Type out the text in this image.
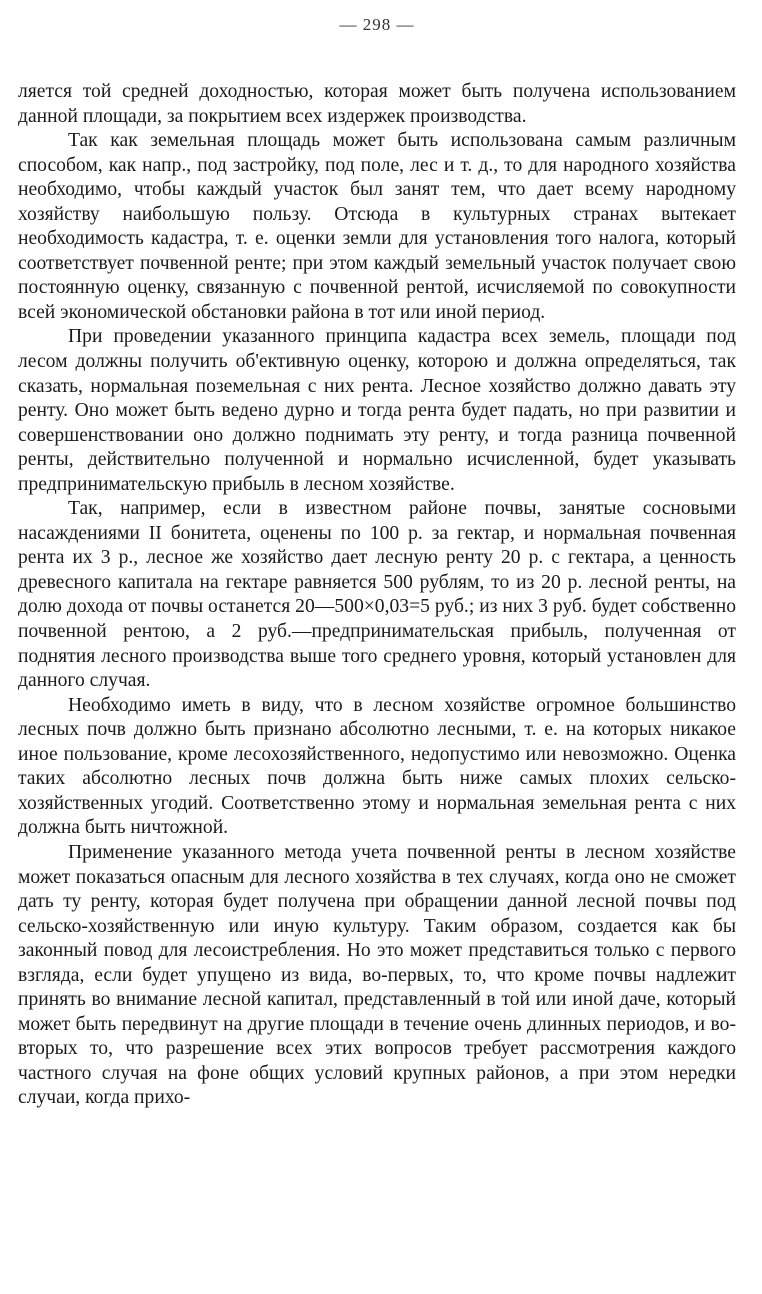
— 298 —

ляется той средней доходностью, которая может быть получена использованием данной площади, за покрытием всех издержек производства.

Так как земельная площадь может быть использована самым различным способом, как напр., под застройку, под поле, лес и т. д., то для народного хозяйства необходимо, чтобы каждый участок был занят тем, что дает всему народному хозяйству наибольшую пользу. Отсюда в культурных странах вытекает необходимость кадастра, т. е. оценки земли для установления того налога, который соответствует почвенной ренте; при этом каждый земельный участок получает свою постоянную оценку, связанную с почвенной рентой, исчисляемой по совокупности всей экономической обстановки района в тот или иной период.

При проведении указанного принципа кадастра всех земель, площади под лесом должны получить об'ективную оценку, которою и должна определяться, так сказать, нормальная поземельная с них рента. Лесное хозяйство должно давать эту ренту. Оно может быть ведено дурно и тогда рента будет падать, но при развитии и совершенствовании оно должно поднимать эту ренту, и тогда разница почвенной ренты, действительно полученной и нормально исчисленной, будет указывать предпринимательскую прибыль в лесном хозяйстве.

Так, например, если в известном районе почвы, занятые сосновыми насаждениями II бонитета, оценены по 100 р. за гектар, и нормальная почвенная рента их 3 р., лесное же хозяйство дает лесную ренту 20 р. с гектара, а ценность древесного капитала на гектаре равняется 500 рублям, то из 20 р. лесной ренты, на долю дохода от почвы останется 20—500×0,03=5 руб.; из них 3 руб. будет собственно почвенной рентою, а 2 руб.—предпринимательская прибыль, полученная от поднятия лесного производства выше того среднего уровня, который установлен для данного случая.

Необходимо иметь в виду, что в лесном хозяйстве огромное большинство лесных почв должно быть признано абсолютно лесными, т. е. на которых никакое иное пользование, кроме лесохозяйственного, недопустимо или невозможно. Оценка таких абсолютно лесных почв должна быть ниже самых плохих сельско-хозяйственных угодий. Соответственно этому и нормальная земельная рента с них должна быть ничтожной.

Применение указанного метода учета почвенной ренты в лесном хозяйстве может показаться опасным для лесного хозяйства в тех случаях, когда оно не сможет дать ту ренту, которая будет получена при обращении данной лесной почвы под сельско-хозяйственную или иную культуру. Таким образом, создается как бы законный повод для лесоистребления. Но это может представиться только с первого взгляда, если будет упущено из вида, во-первых, то, что кроме почвы надлежит принять во внимание лесной капитал, представленный в той или иной даче, который может быть передвинут на другие площади в течение очень длинных периодов, и во-вторых то, что разрешение всех этих вопросов требует рассмотрения каждого частного случая на фоне общих условий крупных районов, а при этом нередки случаи, когда прихо-
